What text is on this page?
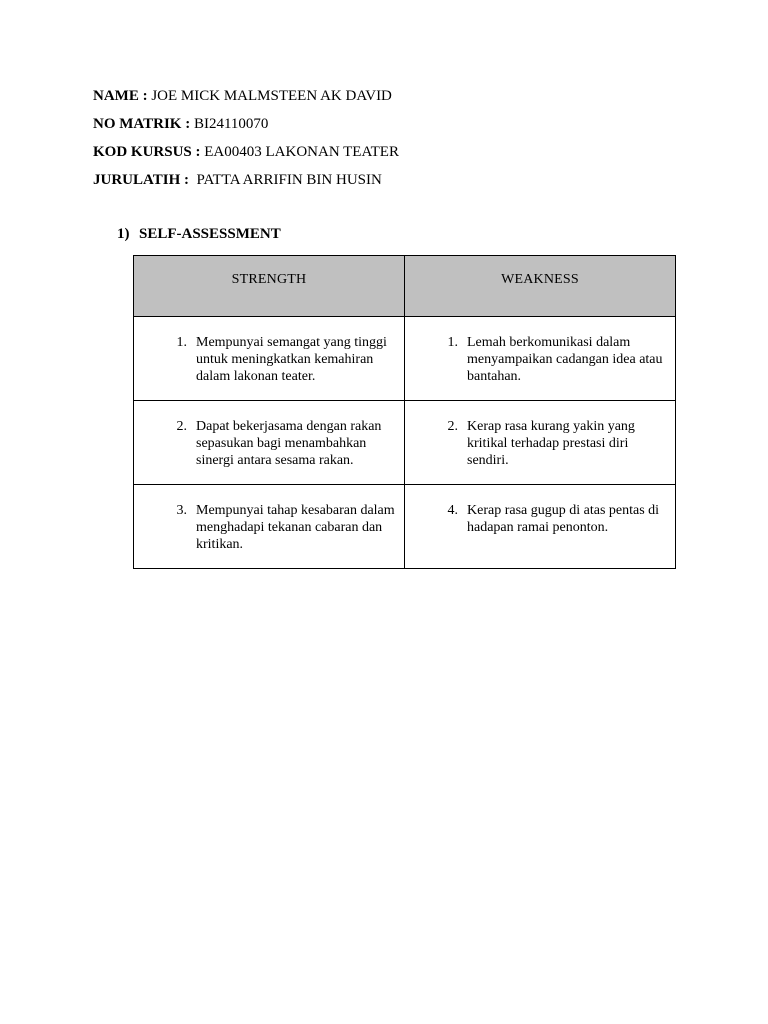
NAME : JOE MICK MALMSTEEN AK DAVID
NO MATRIK : BI24110070
KOD KURSUS : EA00403 LAKONAN TEATER
JURULATIH :  PATTA ARRIFIN BIN HUSIN
1) SELF-ASSESSMENT
STRENGTH	WEAKNESS

1. Mempunyai semangat yang tinggi untuk meningkatkan kemahiran dalam lakonan teater.	1. Lemah berkomunikasi dalam menyampaikan cadangan idea atau bantahan.

2. Dapat bekerjasama dengan rakan sepasukan bagi menambahkan sinergi antara sesama rakan.	2. Kerap rasa kurang yakin yang kritikal terhadap prestasi diri sendiri.

3. Mempunyai tahap kesabaran dalam menghadapi tekanan cabaran dan kritikan.	4. Kerap rasa gugup di atas pentas di hadapan ramai penonton.
